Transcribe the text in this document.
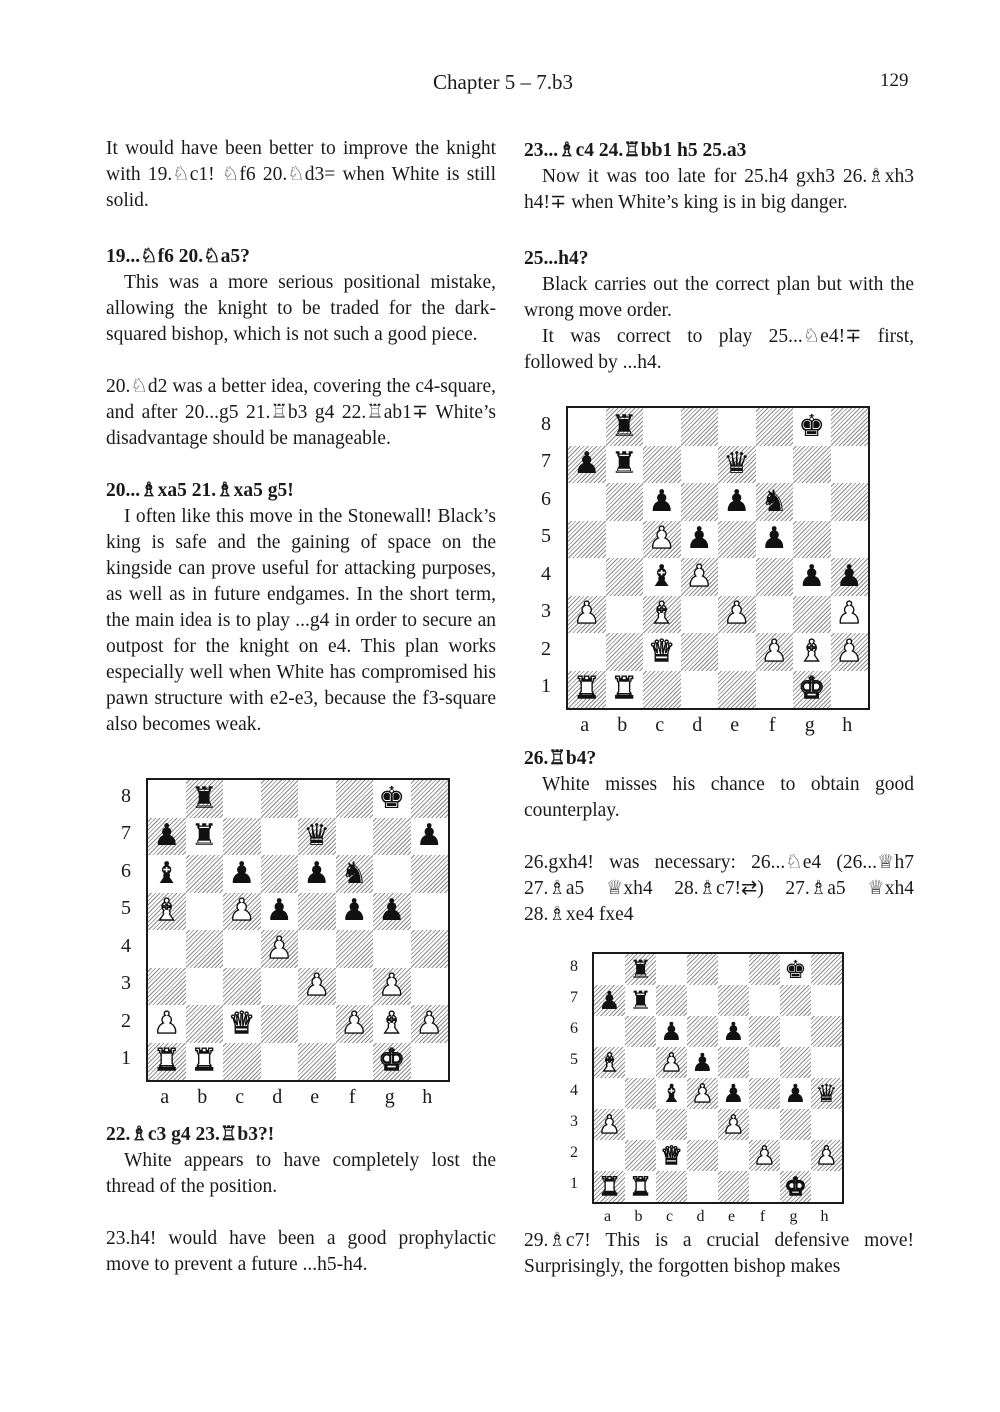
Chapter 5 – 7.b3	129

It would have been better to improve the knight with 19.♘c1! ♘f6 20.♘d3= when White is still solid.

19...♘f6 20.♘a5?

This was a more serious positional mistake, allowing the knight to be traded for the dark-squared bishop, which is not such a good piece.

20.♘d2 was a better idea, covering the c4-square, and after 20...g5 21.♖b3 g4 22.♖ab1∓ White’s disadvantage should be manageable.

20...♗xa5 21.♗xa5 g5!

I often like this move in the Stonewall! Black’s king is safe and the gaining of space on the kingside can prove useful for attacking purposes, as well as in future endgames. In the short term, the main idea is to play ...g4 in order to secure an outpost for the knight on e4. This plan works especially well when White has compromised his pawn structure with e2-e3, because the f3-square also becomes weak.

♜	♚
♟ ♜	♛	♟
♝ ♟ ♟ ♞
♝ ♟ ♟ ♟ ♟
♟
♟ ♟
♟ ♛	♟ ♝ ♟
♜ ♜	♚
8
7
6
5
4
3
2
1
a	b	c	d	e	f	g	h
22.♗c3 g4 23.♖b3?!

White appears to have completely lost the thread of the position.

23.h4! would have been a good prophylactic move to prevent a future ...h5-h4.

23...♗c4 24.♖bb1 h5 25.a3

Now it was too late for 25.h4 gxh3 26.♗xh3 h4!∓ when White’s king is in big danger.

25...h4?

Black carries out the correct plan but with the wrong move order.

It was correct to play 25...♘e4!∓ first, followed by ...h4.

♜	♚
♟ ♜	♛
♟ ♟ ♞
♟ ♟ ♟
♝ ♟	♟ ♟
♟ ♝ ♟	♟
♛	♟ ♝ ♟
♜ ♜	♚
8
7
6
5
4
3
2
1
a	b	c	d	e	f	g	h
26.♖b4?

White misses his chance to obtain good counterplay.

26.gxh4! was necessary: 26...♘e4 (26...♕h7 27.♗a5 ♕xh4 28.♗c7!⇄) 27.♗a5 ♕xh4 28.♗xe4 fxe4

♜	♚
♟ ♜
♟ ♟
♝ ♟ ♟
♝ ♟ ♟ ♟ ♛
♟	♟
♛	♟ ♟
♜ ♜	♚
8
7
6
5
4
3
2
1
a	b	c	d	e	f	g	h

29.♗c7! This is a crucial defensive move! Surprisingly, the forgotten bishop makes
